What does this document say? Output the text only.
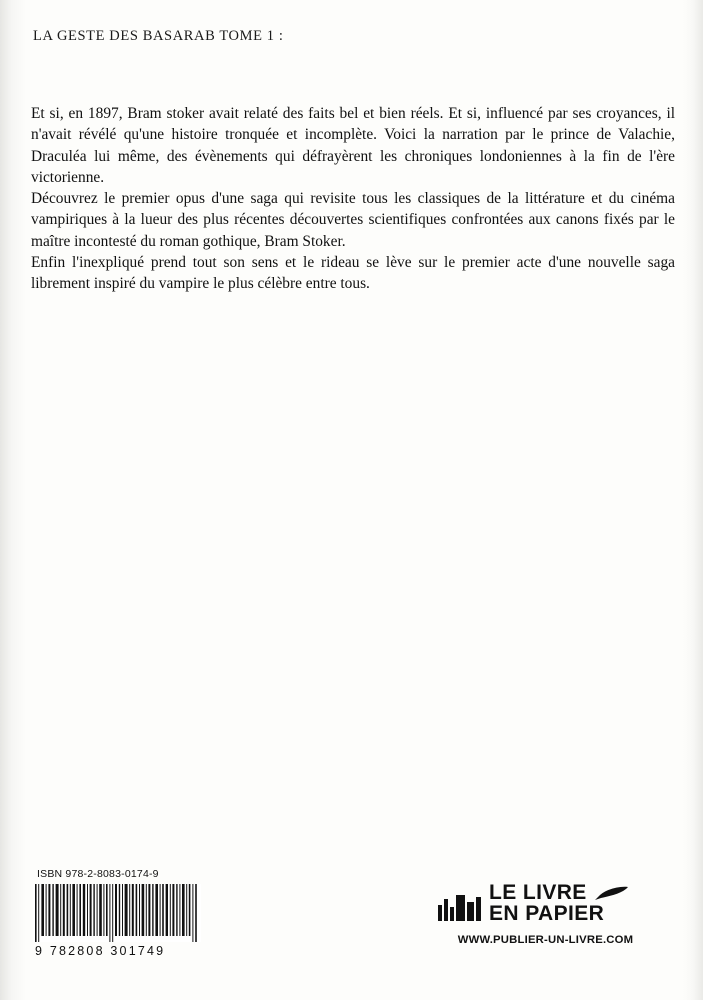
LA GESTE DES BASARAB TOME 1 :

Et si, en 1897, Bram stoker avait relaté des faits bel et bien réels. Et si, influencé par ses croyances, il n'avait révélé qu'une histoire tronquée et incomplète. Voici la narration par le prince de Valachie, Draculéa lui même, des évènements qui défrayèrent les chroniques londoniennes à la fin de l'ère victorienne.

Découvrez le premier opus d'une saga qui revisite tous les classiques de la littérature et du cinéma vampiriques à la lueur des plus récentes découvertes scientifiques confrontées aux canons fixés par le maître incontesté du roman gothique, Bram Stoker.

Enfin l'inexpliqué prend tout son sens et le rideau se lève sur le premier acte d'une nouvelle saga librement inspiré du vampire le plus célèbre entre tous.

ISBN 978-2-8083-0174-9
9 782808 301749
LE LIVRE
EN PAPIER
WWW.PUBLIER-UN-LIVRE.COM
